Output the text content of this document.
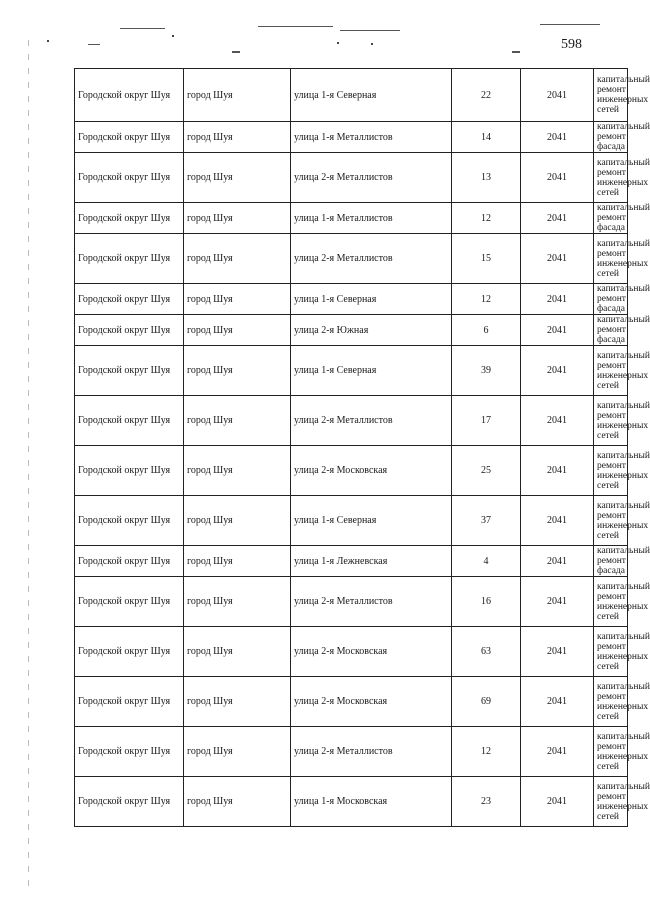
598
Городской округ Шуя	город Шуя	улица 1-я Северная	22	2041	капитальный ремонт инженерных сетей
Городской округ Шуя	город Шуя	улица 1-я Металлистов	14	2041	капитальный ремонт фасада
Городской округ Шуя	город Шуя	улица 2-я Металлистов	13	2041	капитальный ремонт инженерных сетей
Городской округ Шуя	город Шуя	улица 1-я Металлистов	12	2041	капитальный ремонт фасада
Городской округ Шуя	город Шуя	улица 2-я Металлистов	15	2041	капитальный ремонт инженерных сетей
Городской округ Шуя	город Шуя	улица 1-я Северная	12	2041	капитальный ремонт фасада
Городской округ Шуя	город Шуя	улица 2-я Южная	6	2041	капитальный ремонт фасада
Городской округ Шуя	город Шуя	улица 1-я Северная	39	2041	капитальный ремонт инженерных сетей
Городской округ Шуя	город Шуя	улица 2-я Металлистов	17	2041	капитальный ремонт инженерных сетей
Городской округ Шуя	город Шуя	улица 2-я Московская	25	2041	капитальный ремонт инженерных сетей
Городской округ Шуя	город Шуя	улица 1-я Северная	37	2041	капитальный ремонт инженерных сетей
Городской округ Шуя	город Шуя	улица 1-я Лежневская	4	2041	капитальный ремонт фасада
Городской округ Шуя	город Шуя	улица 2-я Металлистов	16	2041	капитальный ремонт инженерных сетей
Городской округ Шуя	город Шуя	улица 2-я Московская	63	2041	капитальный ремонт инженерных сетей
Городской округ Шуя	город Шуя	улица 2-я Московская	69	2041	капитальный ремонт инженерных сетей
Городской округ Шуя	город Шуя	улица 2-я Металлистов	12	2041	капитальный ремонт инженерных сетей
Городской округ Шуя	город Шуя	улица 1-я Московская	23	2041	капитальный ремонт инженерных сетей
